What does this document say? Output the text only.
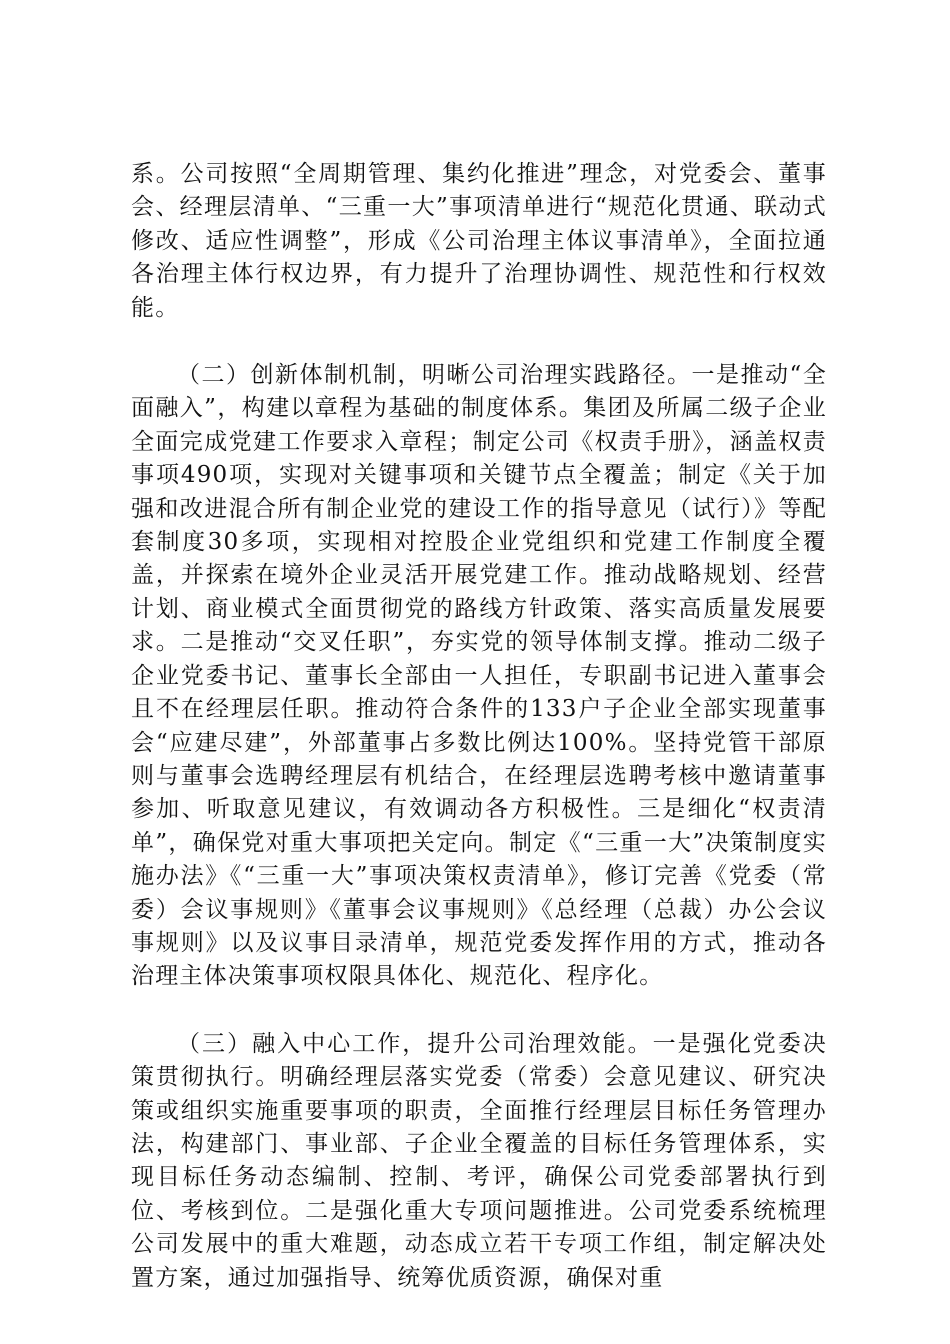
系。公司按照“全周期管理、集约化推进”理念，对党委会、董事会、经理层清单、“三重一大”事项清单进行“规范化贯通、联动式修改、适应性调整”，形成《公司治理主体议事清单》，全面拉通各治理主体行权边界，有力提升了治理协调性、规范性和行权效能。

（二）创新体制机制，明晰公司治理实践路径。一是推动“全面融入”，构建以章程为基础的制度体系。集团及所属二级子企业全面完成党建工作要求入章程；制定公司《权责手册》，涵盖权责事项490项，实现对关键事项和关键节点全覆盖；制定《关于加强和改进混合所有制企业党的建设工作的指导意见（试行）》等配套制度30多项，实现相对控股企业党组织和党建工作制度全覆盖，并探索在境外企业灵活开展党建工作。推动战略规划、经营计划、商业模式全面贯彻党的路线方针政策、落实高质量发展要求。二是推动“交叉任职”，夯实党的领导体制支撑。推动二级子企业党委书记、董事长全部由一人担任，专职副书记进入董事会且不在经理层任职。推动符合条件的133户子企业全部实现董事会“应建尽建”，外部董事占多数比例达100%。坚持党管干部原则与董事会选聘经理层有机结合，在经理层选聘考核中邀请董事参加、听取意见建议，有效调动各方积极性。三是细化“权责清单”，确保党对重大事项把关定向。制定《“三重一大”决策制度实施办法》《“三重一大”事项决策权责清单》，修订完善《党委（常委）会议事规则》《董事会议事规则》《总经理（总裁）办公会议事规则》以及议事目录清单，规范党委发挥作用的方式，推动各治理主体决策事项权限具体化、规范化、程序化。

（三）融入中心工作，提升公司治理效能。一是强化党委决策贯彻执行。明确经理层落实党委（常委）会意见建议、研究决策或组织实施重要事项的职责，全面推行经理层目标任务管理办法，构建部门、事业部、子企业全覆盖的目标任务管理体系，实现目标任务动态编制、控制、考评，确保公司党委部署执行到位、考核到位。二是强化重大专项问题推进。公司党委系统梳理公司发展中的重大难题，动态成立若干专项工作组，制定解决处置方案，通过加强指导、统筹优质资源，确保对重
